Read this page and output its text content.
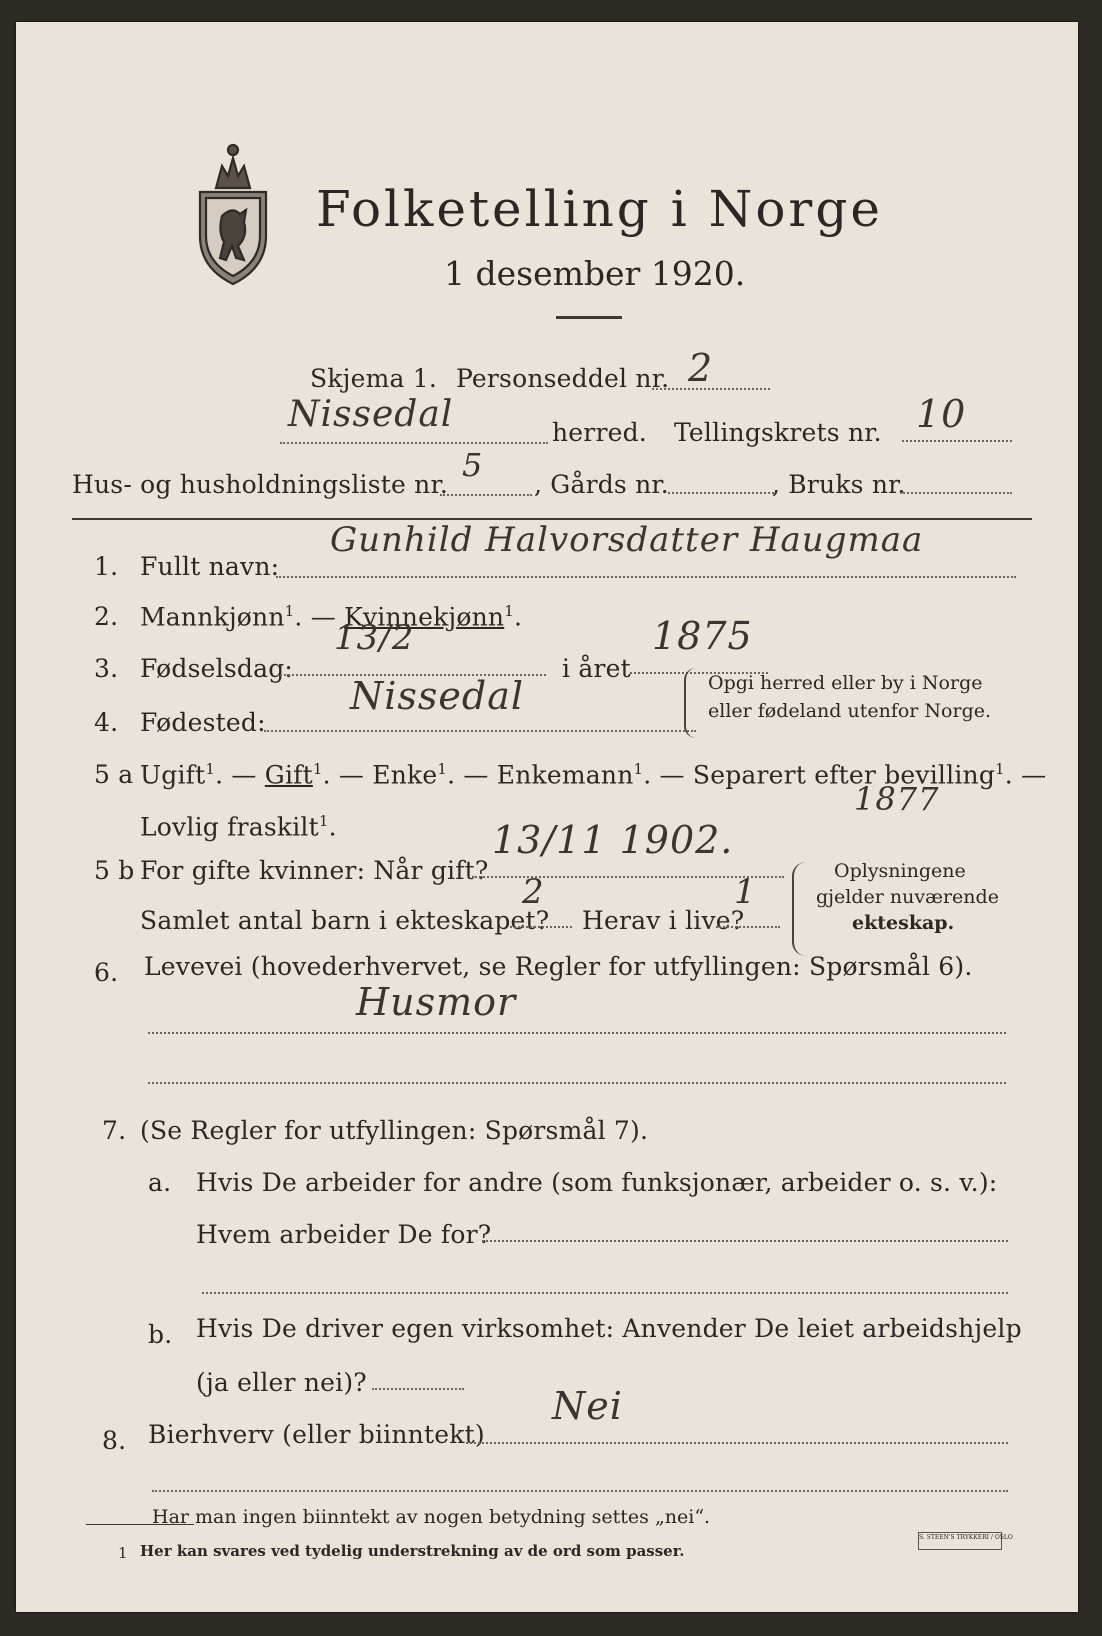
Folketelling i Norge
1 desember 1920.
Skjema 1. Personseddel nr. 2
Nissedal	herred. Tellingskrets nr. 10
Hus- og husholdningsliste nr.
5
, Gårds nr.	, Bruks nr.
1. Fullt navn:
Gunhild Halvorsdatter Haugmaa
2. Mannkjønn$^1$. — Kvinnekjønn$^1$.
3. Fødselsdag:
13/2
i året
1875
4. Fødested:
Nissedal	Opgi herred eller by i Norge
eller fødeland utenfor Norge.
5 a Ugift$^1$. — Gift$^1$. — Enke$^1$. — Enkemann$^1$. — Separert efter bevilling$^1$. —
Lovlig fraskilt$^1$.
1877
5 b For gifte kvinner: Når gift?
13/11 1902.
Samlet antal barn i ekteskapet?
2
Herav i live?
1
Oplysningene
gjelder nuværende
ekteskap.
6. Levevei (hovederhvervet, se Regler for utfyllingen: Spørsmål 6).
Husmor
7. (Se Regler for utfyllingen: Spørsmål 7).
a. Hvis De arbeider for andre (som funksjonær, arbeider o. s. v.):
Hvem arbeider De for?
b. Hvis De driver egen virksomhet: Anvender De leiet arbeidshjelp
(ja eller nei)?
8. Bierhverv (eller biinntekt)
Nei
Har man ingen biinntekt av nogen betydning settes „nei“.
1 Her kan svares ved tydelig understrekning av de ord som passer.
S. STEEN'S TRYKKERI / OSLO
